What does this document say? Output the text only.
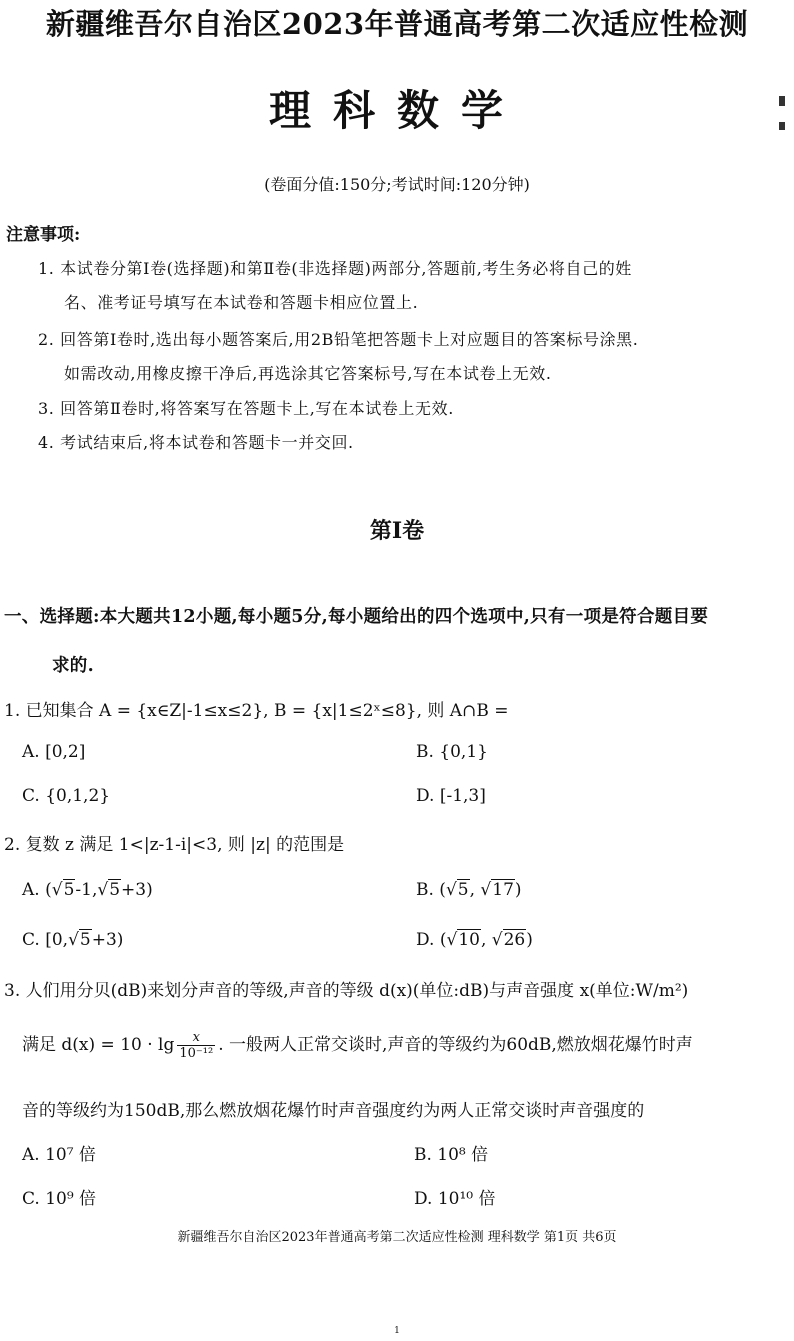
新疆维吾尔自治区2023年普通高考第二次适应性检测
理科数学
(卷面分值:150分;考试时间:120分钟)
注意事项:
1. 本试卷分第Ⅰ卷(选择题)和第Ⅱ卷(非选择题)两部分,答题前,考生务必将自己的姓
名、准考证号填写在本试卷和答题卡相应位置上.
2. 回答第Ⅰ卷时,选出每小题答案后,用2B铅笔把答题卡上对应题目的答案标号涂黑.
如需改动,用橡皮擦干净后,再选涂其它答案标号,写在本试卷上无效.
3. 回答第Ⅱ卷时,将答案写在答题卡上,写在本试卷上无效.
4. 考试结束后,将本试卷和答题卡一并交回.
第Ⅰ卷
一、选择题:本大题共12小题,每小题5分,每小题给出的四个选项中,只有一项是符合题目要
求的.
1. 已知集合 A = {x∈Z|-1≤x≤2}, B = {x|1≤2ˣ≤8}, 则 A∩B =
A. [0,2]	B. {0,1}
C. {0,1,2}	D. [-1,3]
2. 复数 z 满足 1<|z-1-i|<3, 则 |z| 的范围是
A. (√5-1,√5+3)	B. (√5, √17)
C. [0,√5+3)	D. (√10, √26)
3. 人们用分贝(dB)来划分声音的等级,声音的等级 d(x)(单位:dB)与声音强度 x(单位:W/m²)
满足 $d(x) = 10 \cdot \lg \frac{x}{\text{10⁻¹²}}$ . 一般两人正常交谈时,声音的等级约为60dB,燃放烟花爆竹时声
音的等级约为150dB,那么燃放烟花爆竹时声音强度约为两人正常交谈时声音强度的
A. 10⁷ 倍	B. 10⁸ 倍
C. 10⁹ 倍	D. 10¹⁰ 倍
新疆维吾尔自治区2023年普通高考第二次适应性检测 理科数学 第1页 共6页
1
